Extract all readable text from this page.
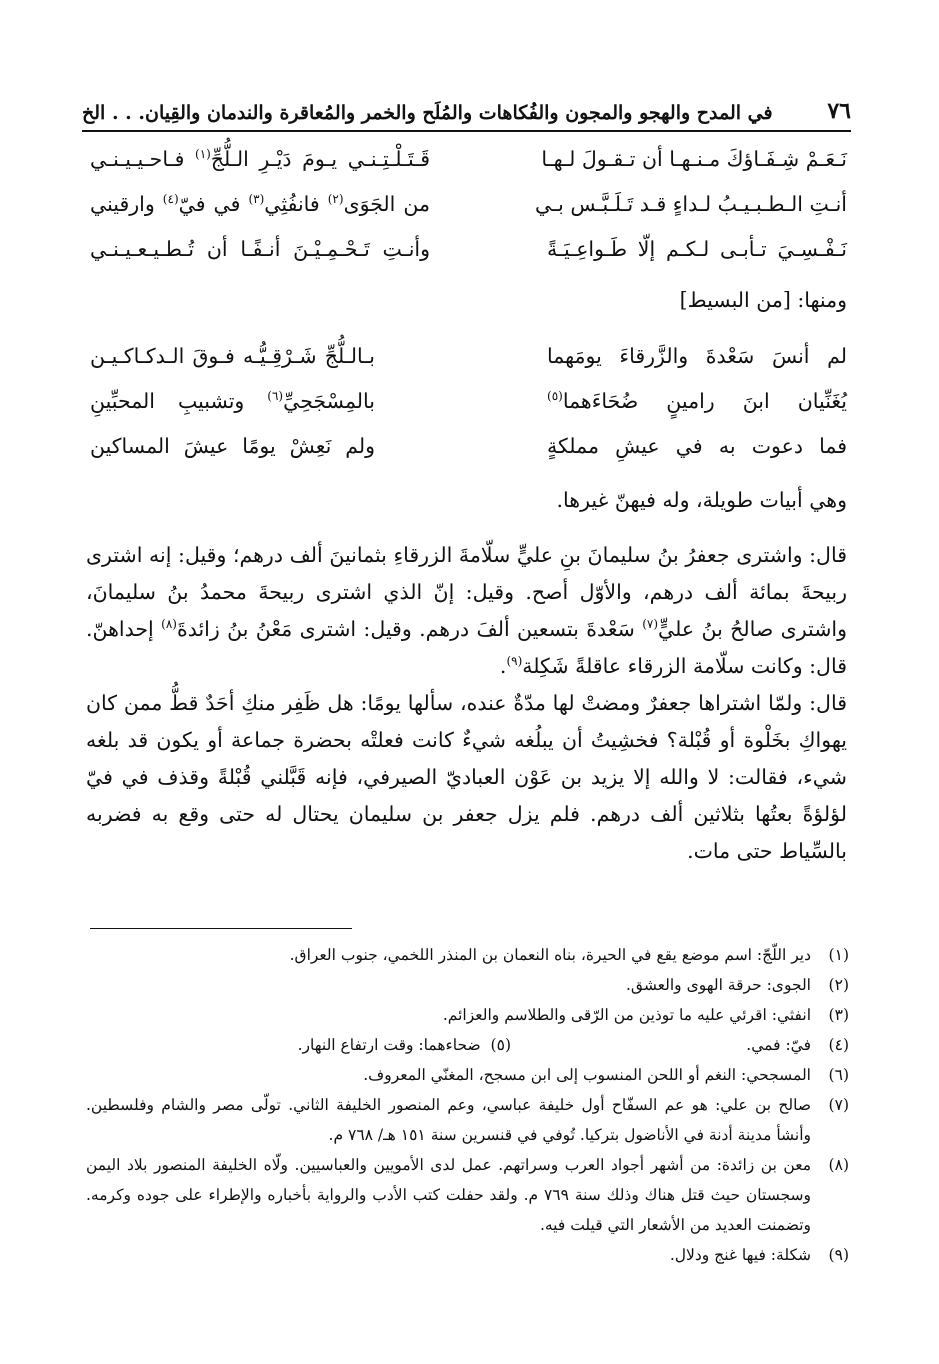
٧٦
في المدح والهجو والمجون والفُكاهات والمُلَح والخمر والمُعاقرة والندمان والقِيان. . . الخ
نَـعَـمْ شِـفَـاؤكَ مـنـهـا أن تـقـولَ لـهـا
قَـتَـلْـتِـنـي يـومَ دَيْـرِ الـلُّجِّ$^{(١)}$ فـاحـيـيـنـي
أنـتِ الـطـبـيـبُ لـداءٍ قـد تَـلَـبَّـس بـي
من الجَوَى$^{(٢)}$ فانفُثِي$^{(٣)}$ في فيّ$^{(٤)}$ وارقيني
نَـفْـسِـيَ تـأبـى لـكـم إلّا طَـواعِـيَـةً
وأنـتِ تَـحْـمِـيْـنَ أنـفًـا أن تُـطـيـعـيـنـي
ومنها: [من البسيط]
لم أنسَ سَعْدةَ والزَّرقاءَ يومَهما
بـالـلُّجِّ شَـرْقِـيُّـه فـوقَ الـدكـاكـيـن
يُغَنِّيان ابنَ رامينٍ ضُحَاءَهما$^{(٥)}$
بالمِسْجَحِيِّ$^{(٦)}$ وتشبيبِ المحبِّينِ
فما دعوت به في عيشِ مملكةٍ
ولم نَعِشْ يومًا عيشَ المساكين
وهي أبيات طويلة، وله فيهنّ غيرها.

قال: واشترى جعفرُ بنُ سليمانَ بنِ عليٍّ سلّامةَ الزرقاءِ بثمانينَ ألف درهم؛ وقيل: إنه اشترى ربيحةَ بمائة ألف درهم، والأوّل أصح. وقيل: إنّ الذي اشترى ربيحةَ محمدُ بنُ سليمانَ، واشترى صالحُ بنُ عليٍّ$^{(٧)}$ سَعْدةَ بتسعين ألفَ درهم. وقيل: اشترى مَعْنُ بنُ زائدةَ$^{(٨)}$ إحداهنّ. قال: وكانت سلّامة الزرقاء عاقلةً شَكِلة$^{(٩)}$.

قال: ولمّا اشتراها جعفرٌ ومضتْ لها مدّةٌ عنده، سألها يومًا: هل ظَفِر منكِ أحَدٌ قطُّ ممن كان يهواكِ بخَلْوة أو قُبْلة؟ فخشِيتُ أن يبلُغه شيءٌ كانت فعلتْه بحضرة جماعة أو يكون قد بلغه شيء، فقالت: لا والله إلا يزيد بن عَوْن العباديّ الصيرفي، فإنه قَبَّلني قُبْلةً وقذف في فيّ لؤلؤةً بعتُها بثلاثين ألف درهم. فلم يزل جعفر بن سليمان يحتال له حتى وقع به فضربه بالسِّياط حتى مات.

(١)
دير اللّجّ: اسم موضع يقع في الحيرة، بناه النعمان بن المنذر اللخمي، جنوب العراق.
(٢)
الجوى: حرقة الهوى والعشق.
(٣)
انفثي: اقرئي عليه ما توذين من الرّقى والطلاسم والعزائم.
(٤)
فيّ: فمي.
(٥)

ضحاءهما: وقت ارتفاع النهار.
(٦)
المسجحي: النغم أو اللحن المنسوب إلى ابن مسجح، المغنّي المعروف.
(٧)
صالح بن علي: هو عم السفّاح أول خليفة عباسي، وعم المنصور الخليفة الثاني. تولّى مصر والشام وفلسطين. وأنشأ مدينة أدنة في الأناضول بتركيا. تُوفي في قنسرين سنة ١٥١ هـ/ ٧٦٨ م.
(٨)
معن بن زائدة: من أشهر أجواد العرب وسراتهم. عمل لدى الأمويين والعباسيين. ولّاه الخليفة المنصور بلاد اليمن وسجستان حيث قتل هناك وذلك سنة ٧٦٩ م. ولقد حفلت كتب الأدب والرواية بأخباره والإطراء على جوده وكرمه. وتضمنت العديد من الأشعار التي قيلت فيه.
(٩)
شكلة: فيها غنج ودلال.
